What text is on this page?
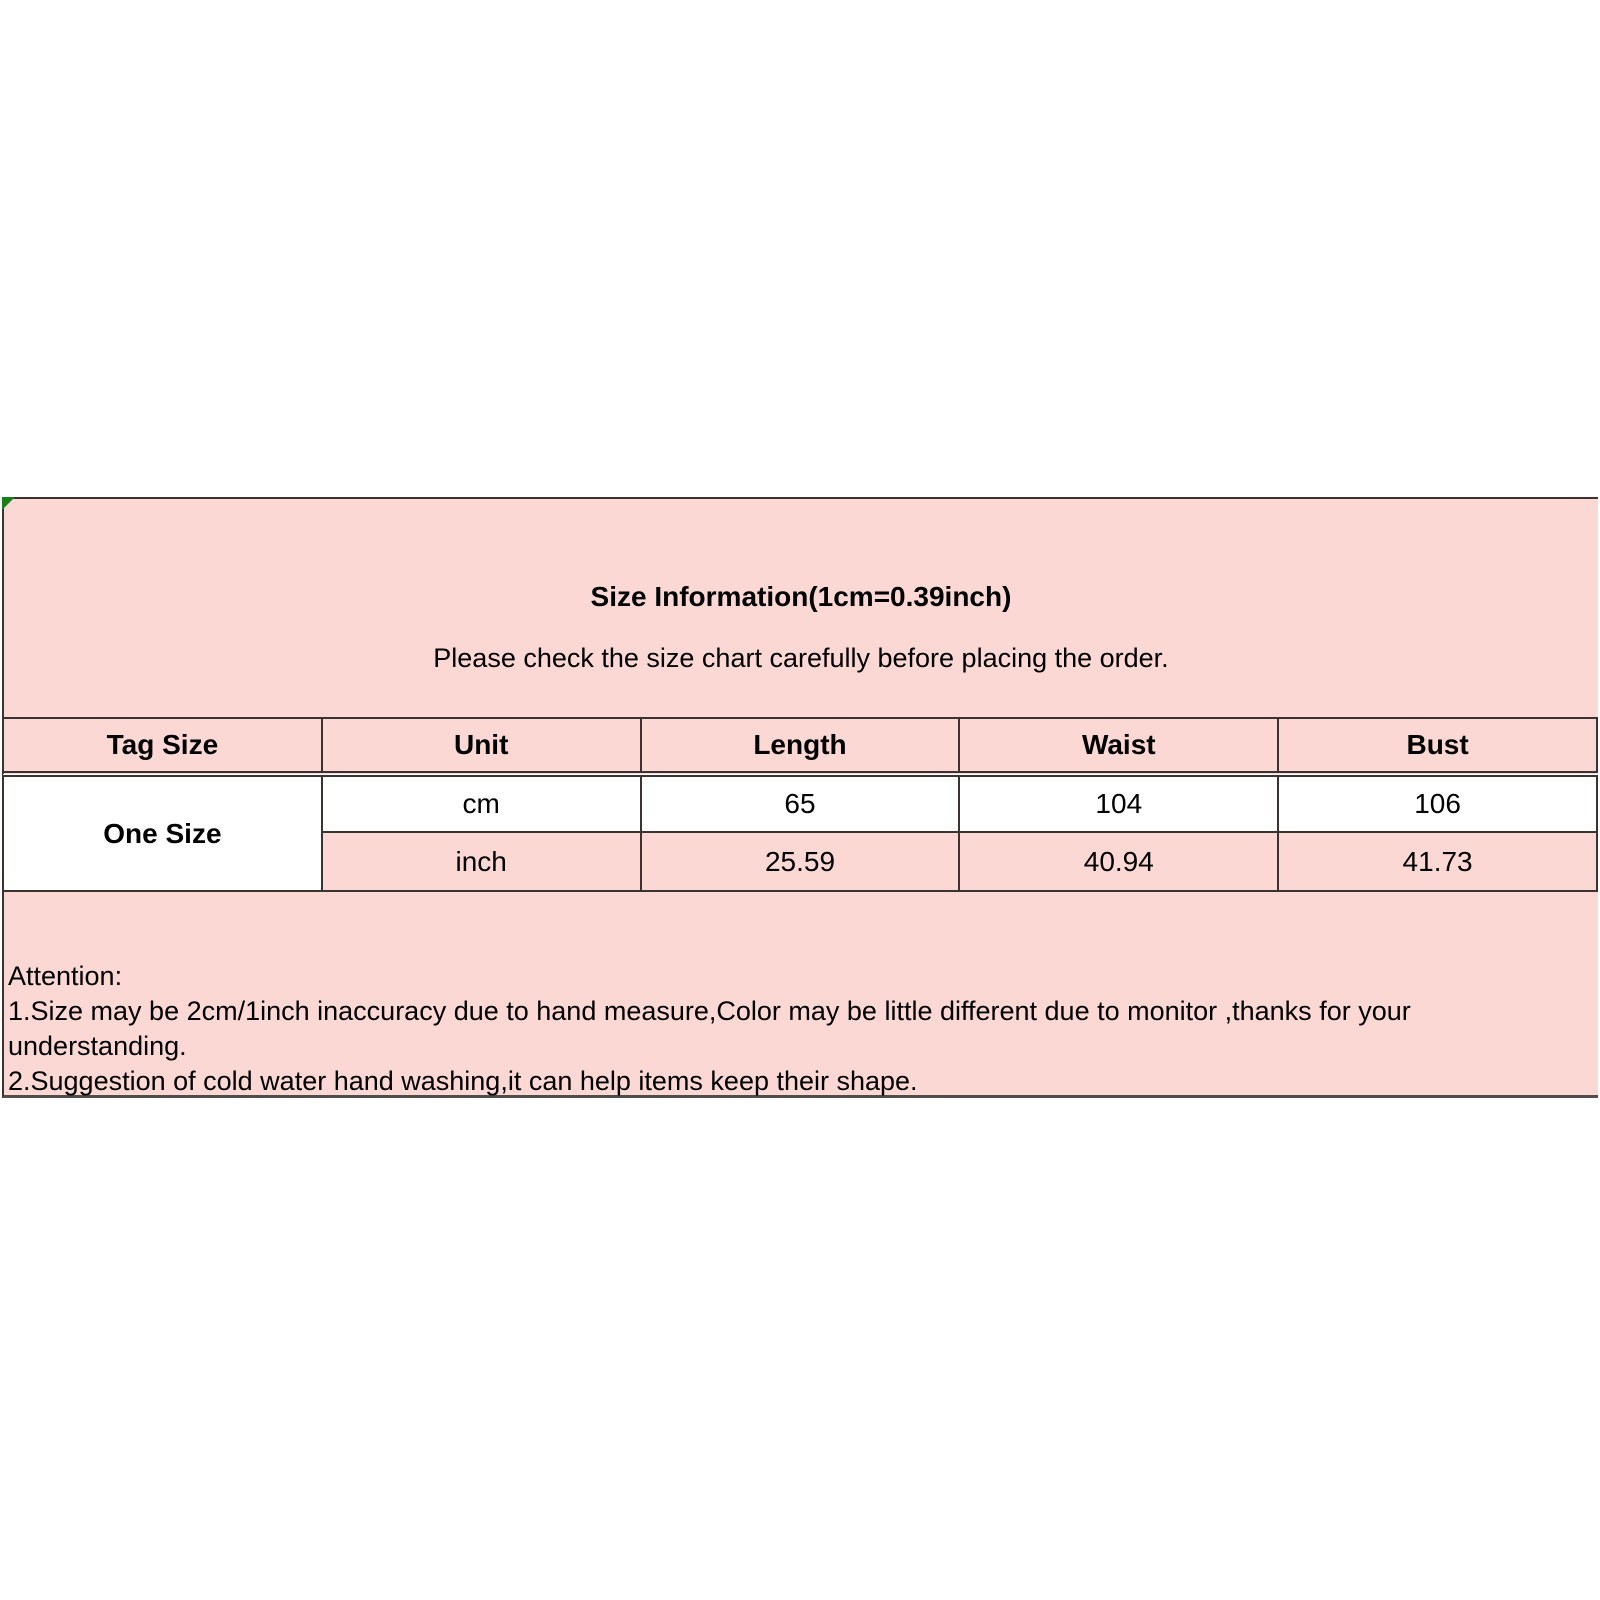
Size Information(1cm=0.39inch)
Please check the size chart carefully before placing the order.
Tag Size	Unit	Length	Waist	Bust
One Size	cm	65	104	106
	inch	25.59	40.94	41.73
Attention:
1.Size may be 2cm/1inch inaccuracy due to hand measure,Color may be little different due to monitor ,thanks for your
understanding.
2.Suggestion of cold water hand washing,it can help items keep their shape.
